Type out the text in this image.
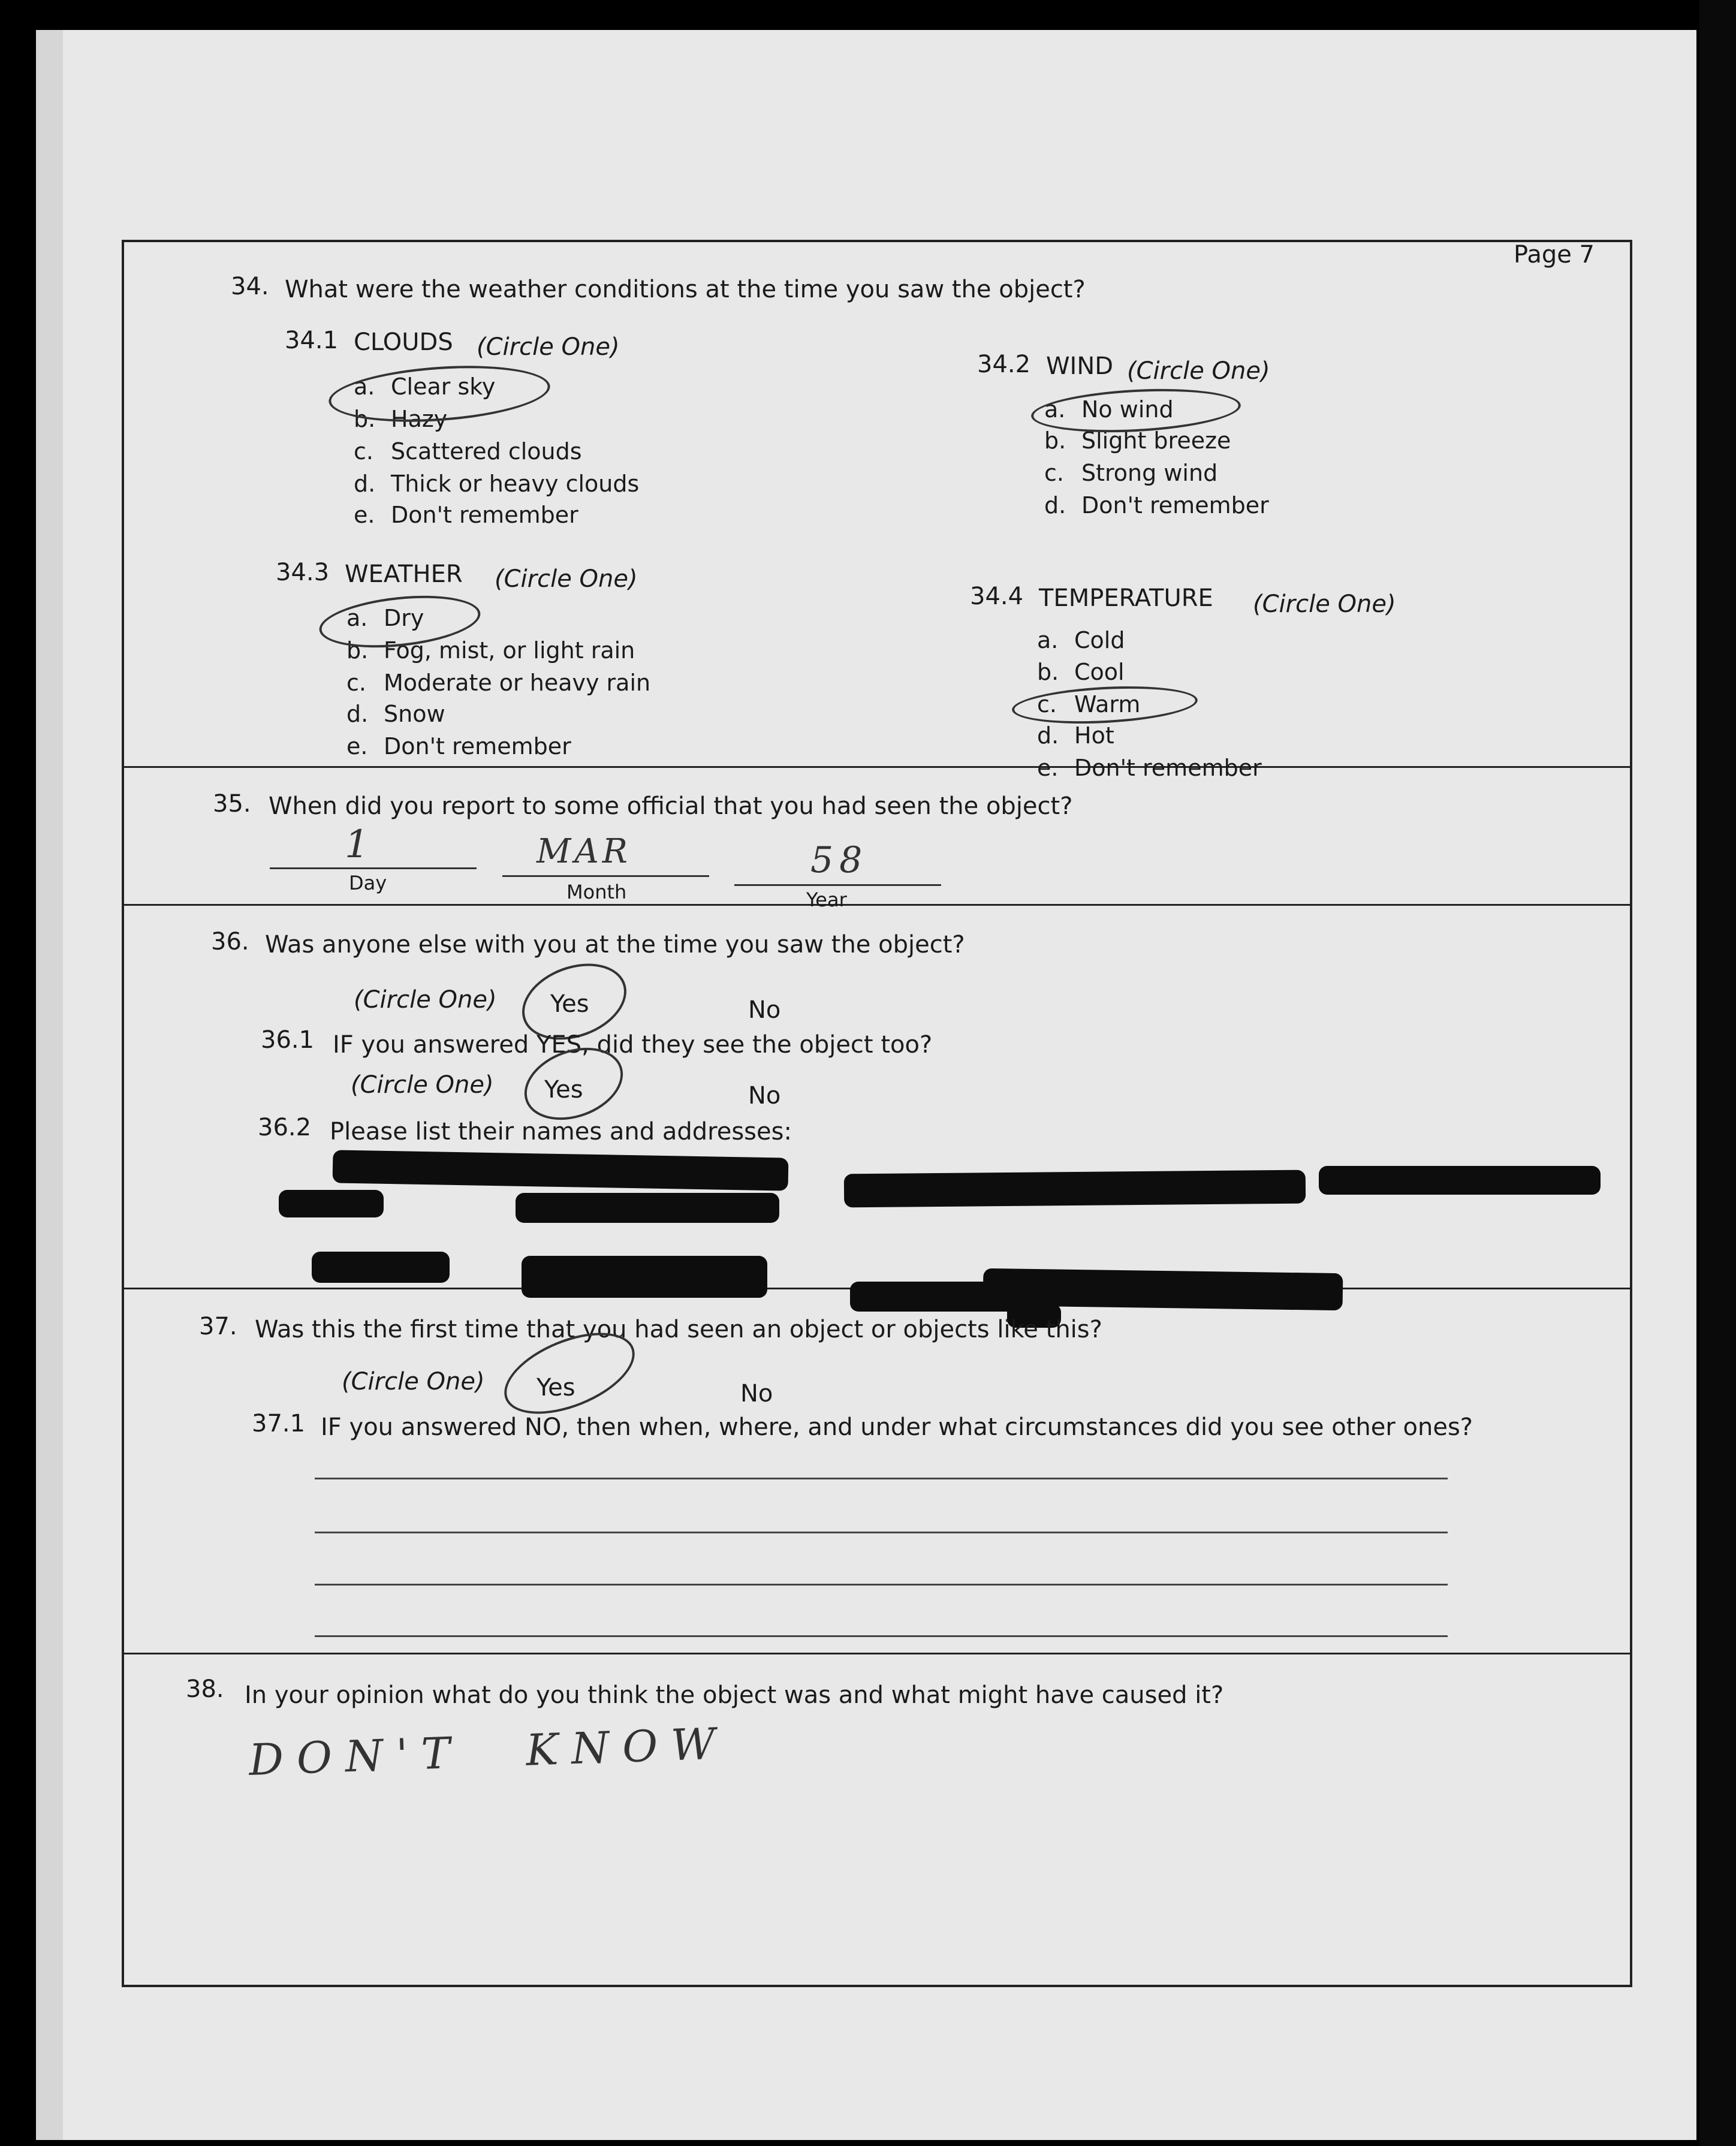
Page 7
34. What were the weather conditions at the time you saw the object?
34.1 CLOUDS (Circle One)
a. Clear sky
b. Hazy
c. Scattered clouds
d. Thick or heavy clouds
e. Don't remember
34.2 WIND (Circle One)
a. No wind
b. Slight breeze
c. Strong wind
d. Don't remember
34.3 WEATHER (Circle One)
a. Dry
b. Fog, mist, or light rain
c. Moderate or heavy rain
d. Snow
e. Don't remember
34.4 TEMPERATURE (Circle One)
a. Cold
b. Cool
c. Warm
d. Hot
e. Don't remember
35. When did you report to some official that you had seen the object?
1	MAR	58
Day	Month	Year
36. Was anyone else with you at the time you saw the object?
(Circle One) Yes	No
36.1 IF you answered YES, did they see the object too?
(Circle One) Yes	No
36.2 Please list their names and addresses:
37. Was this the first time that you had seen an object or objects like this?
(Circle One) Yes	No
37.1 IF you answered NO, then when, where, and under what circumstances did you see other ones?
38. In your opinion what do you think the object was and what might have caused it?
DON'T KNOW
